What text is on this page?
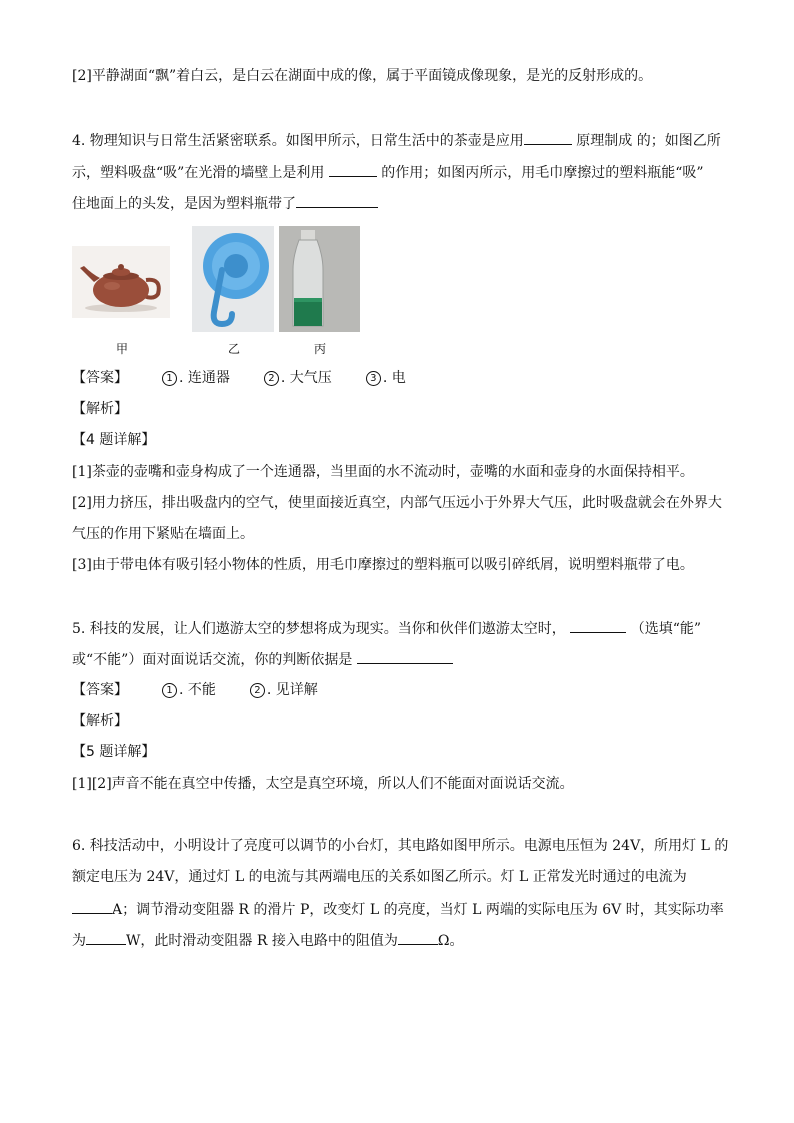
[2]平静湖面“飘”着白云，是白云在湖面中成的像，属于平面镜成像现象，是光的反射形成的。
4. 物理知识与日常生活紧密联系。如图甲所示，日常生活中的茶壶是应用	原理制成 的；如图乙所
示，塑料吸盘“吸”在光滑的墙壁上是利用	的作用；如图丙所示，用毛巾摩擦过的塑料瓶能“吸”
住地面上的头发，是因为塑料瓶带了
甲	乙	丙
【答案】	1 . 连通器	2 . 大气压	3 . 电
【解析】
【4 题详解】
[1]茶壶的壶嘴和壶身构成了一个连通器，当里面的水不流动时，壶嘴的水面和壶身的水面保持相平。
[2]用力挤压，排出吸盘内的空气，使里面接近真空，内部气压远小于外界大气压，此时吸盘就会在外界大
气压的作用下紧贴在墙面上。
[3]由于带电体有吸引轻小物体的性质，用毛巾摩擦过的塑料瓶可以吸引碎纸屑，说明塑料瓶带了电。
5. 科技的发展，让人们遨游太空的梦想将成为现实。当你和伙伴们遨游太空时，	（选填“能”
或“不能”）面对面说话交流，你的判断依据是
【答案】	1 . 不能	2 . 见详解
【解析】
【5 题详解】
[1][2]声音不能在真空中传播，太空是真空环境，所以人们不能面对面说话交流。
6. 科技活动中，小明设计了亮度可以调节的小台灯，其电路如图甲所示。电源电压恒为 24V，所用灯 L 的
额定电压为 24V，通过灯 L 的电流与其两端电压的关系如图乙所示。灯 L 正常发光时通过的电流为
A；调节滑动变阻器 R 的滑片 P，改变灯 L 的亮度，当灯 L 两端的实际电压为 6V 时，其实际功率
为	W，此时滑动变阻器 R 接入电路中的阻值为	Ω。
